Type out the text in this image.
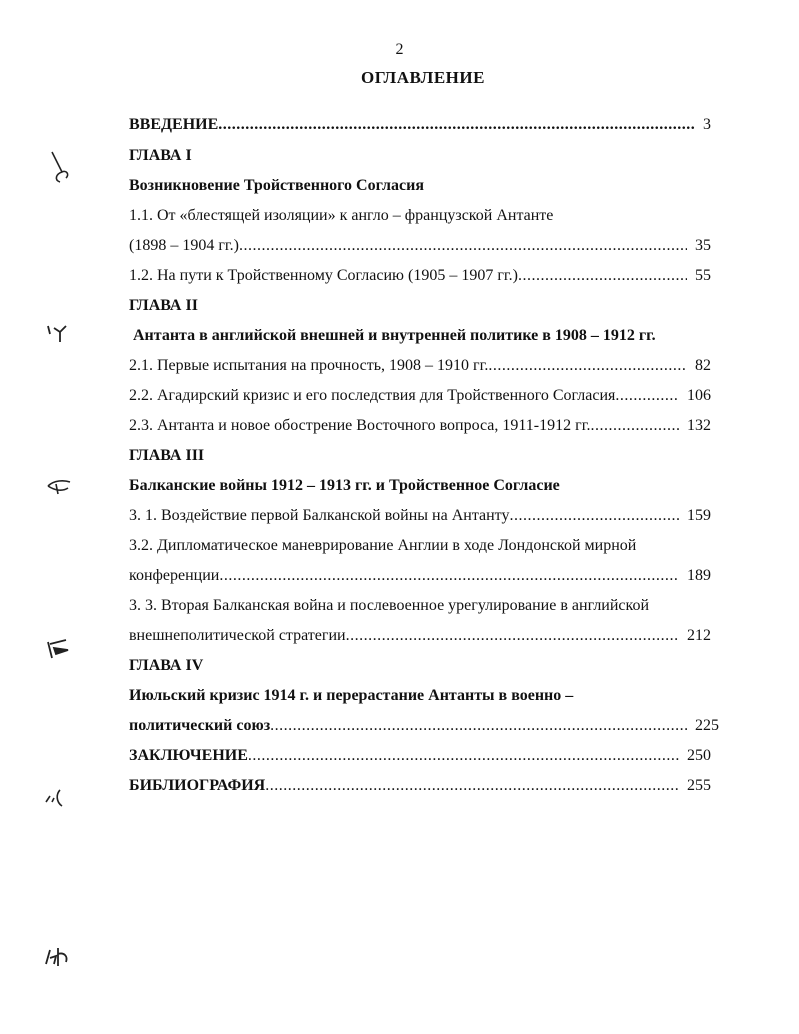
2
ОГЛАВЛЕНИЕ
ВВЕДЕНИЕ .....	3
ГЛАВА I
Возникновение Тройственного Согласия
1.1. От «блестящей изоляции» к англо – французской Антанте
(1898 – 1904 гг.) .....	35
1.2. На пути к Тройственному Согласию (1905 – 1907 гг.) .....	55
ГЛАВА II
Антанта в английской внешней и внутренней политике в 1908 – 1912 гг.
2.1. Первые испытания на прочность, 1908 – 1910 гг. .....	82
2.2. Агадирский кризис и его последствия для Тройственного Согласия .....	106
2.3. Антанта и новое обострение Восточного вопроса, 1911-1912 гг. .....	132
ГЛАВА III
Балканские войны 1912 – 1913 гг. и Тройственное Согласие
3. 1. Воздействие первой Балканской войны на Антанту .....	159
3.2. Дипломатическое маневрирование Англии в ходе Лондонской мирной
конференции .....	189
3. 3. Вторая Балканская война и послевоенное урегулирование в английской
внешнеполитической стратегии .....	212
ГЛАВА IV
Июльский кризис 1914 г. и перерастание Антанты в военно –
политический союз .....	225
ЗАКЛЮЧЕНИЕ .....	250
БИБЛИОГРАФИЯ .....	255
